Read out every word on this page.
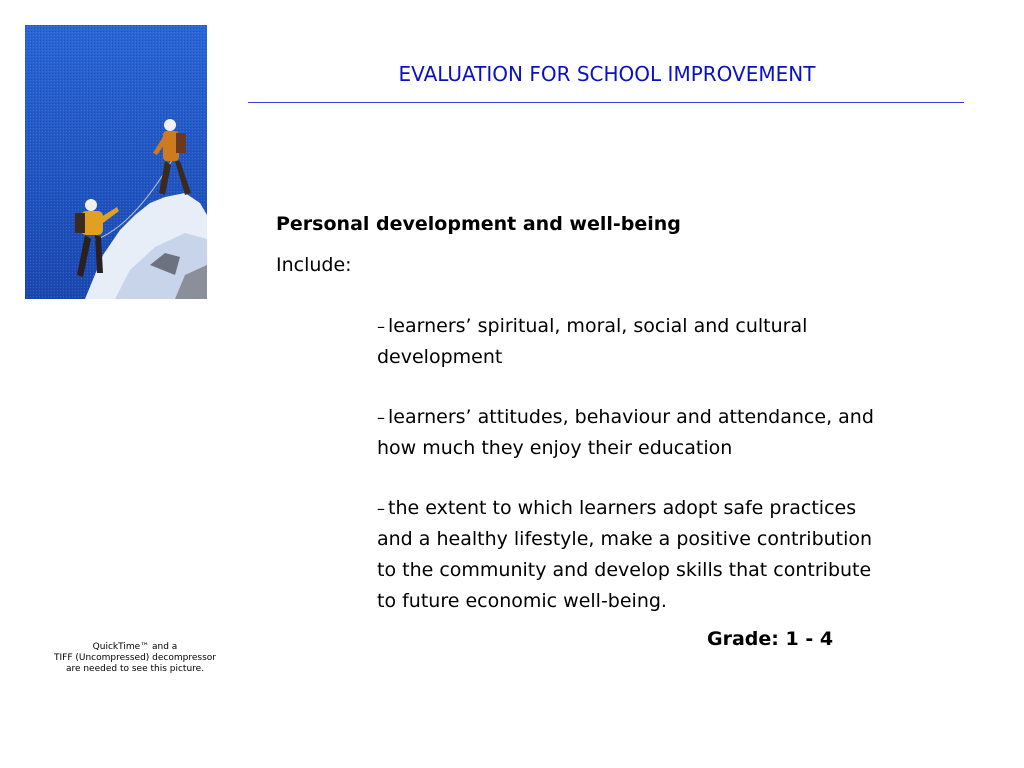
EVALUATION FOR SCHOOL IMPROVEMENT
Personal development and well-being
Include:
– learners’ spiritual, moral, social and cultural
development
– learners’ attitudes, behaviour and attendance, and
how much they enjoy their education
– the extent to which learners adopt safe practices
and a healthy lifestyle, make a positive contribution
to the community and develop skills that contribute
to future economic well-being.
Grade: 1 - 4
QuickTime™ and a
TIFF (Uncompressed) decompressor
are needed to see this picture.
